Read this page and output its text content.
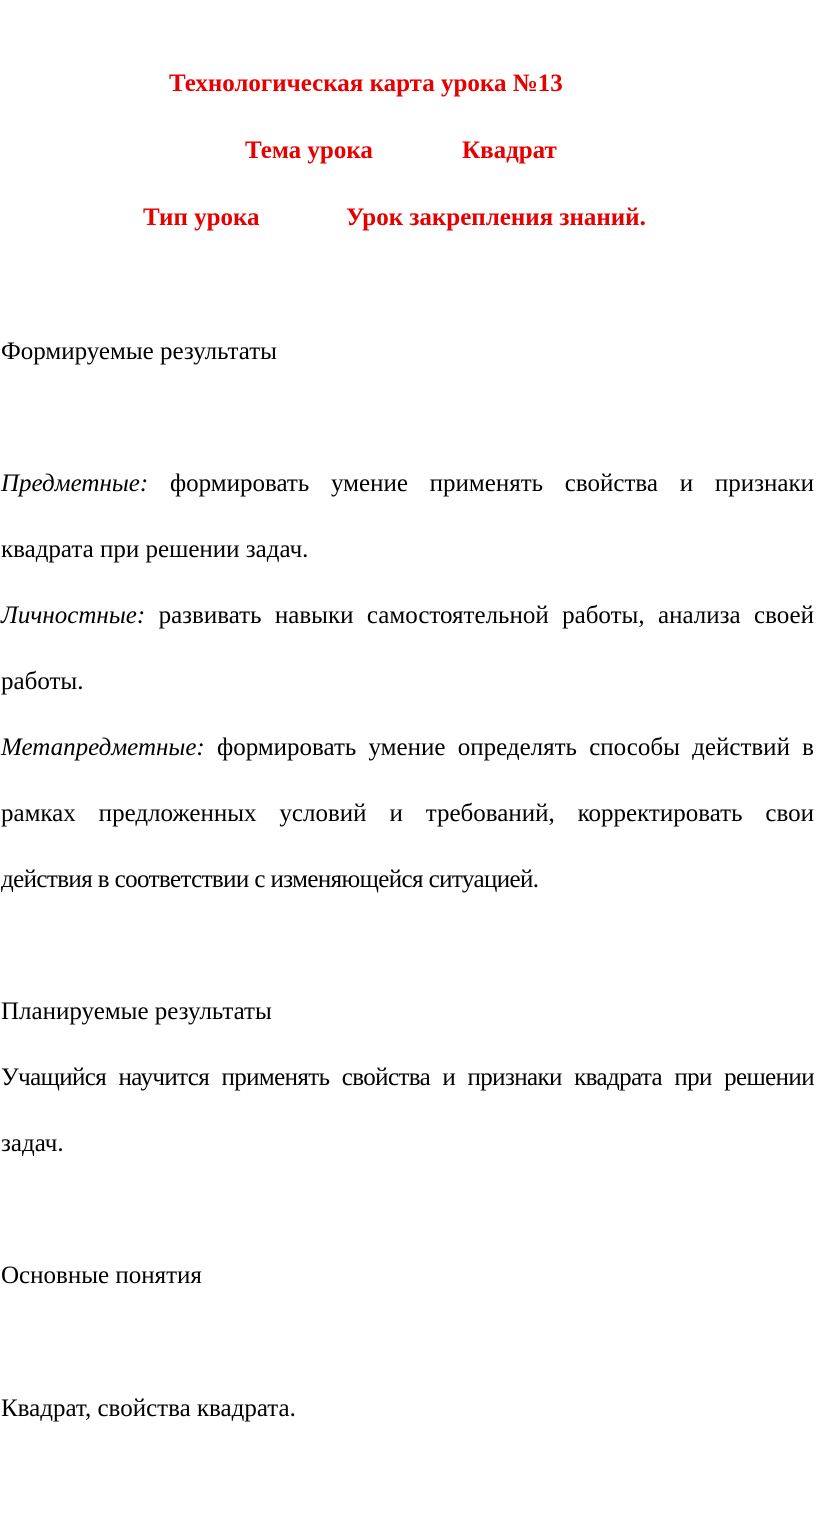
Технологическая карта урока №13
Тема урока	Квадрат
Тип урока	Урок закрепления знаний.
Формируемые результаты
Предметные: формировать умение применять свойства и признаки
квадрата при решении задач.
Личностные: развивать навыки самостоятельной работы, анализа своей
работы.
Метапредметные: формировать умение определять способы действий в
рамках предложенных условий и требований, корректировать свои
действия в соответствии с изменяющейся ситуацией.
Планируемые результаты
Учащийся научится применять свойства и признаки квадрата при решении
задач.
Основные понятия
Квадрат, свойства квадрата.
